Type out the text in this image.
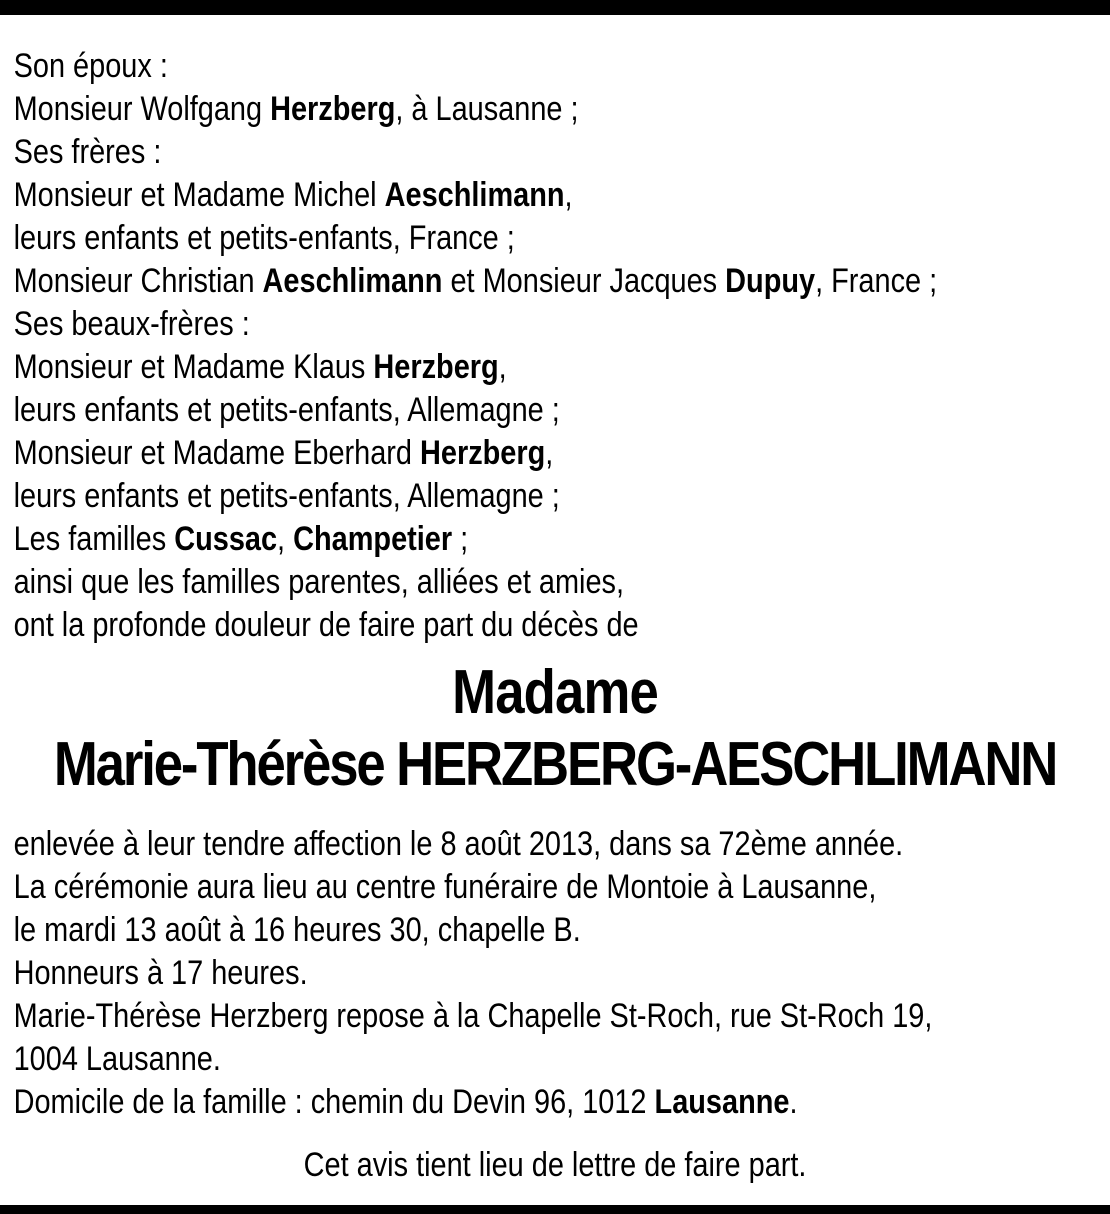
Son époux :
Monsieur Wolfgang Herzberg, à Lausanne ;
Ses frères :
Monsieur et Madame Michel Aeschlimann,
leurs enfants et petits-enfants, France ;
Monsieur Christian Aeschlimann et Monsieur Jacques Dupuy, France ;
Ses beaux-frères :
Monsieur et Madame Klaus Herzberg,
leurs enfants et petits-enfants, Allemagne ;
Monsieur et Madame Eberhard Herzberg,
leurs enfants et petits-enfants, Allemagne ;
Les familles Cussac, Champetier ;
ainsi que les familles parentes, alliées et amies,
ont la profonde douleur de faire part du décès de
Madame
Marie-Thérèse HERZBERG-AESCHLIMANN
enlevée à leur tendre affection le 8 août 2013, dans sa 72ème année.
La cérémonie aura lieu au centre funéraire de Montoie à Lausanne,
le mardi 13 août à 16 heures 30, chapelle B.
Honneurs à 17 heures.
Marie-Thérèse Herzberg repose à la Chapelle St-Roch, rue St-Roch 19,
1004 Lausanne.
Domicile de la famille : chemin du Devin 96, 1012 Lausanne.
Cet avis tient lieu de lettre de faire part.
